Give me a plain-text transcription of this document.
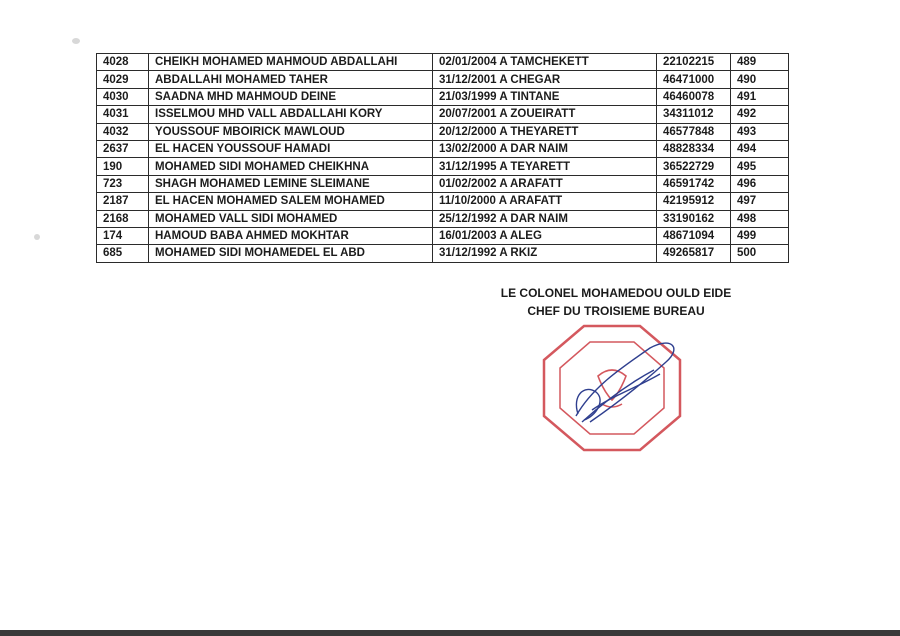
4028	CHEIKH MOHAMED MAHMOUD ABDALLAHI	02/01/2004 A TAMCHEKETT	22102215	489
4029	ABDALLAHI MOHAMED TAHER	31/12/2001 A CHEGAR	46471000	490
4030	SAADNA MHD MAHMOUD DEINE	21/03/1999 A TINTANE	46460078	491
4031	ISSELMOU MHD VALL ABDALLAHI KORY	20/07/2001 A ZOUEIRATT	34311012	492
4032	YOUSSOUF MBOIRICK MAWLOUD	20/12/2000 A THEYARETT	46577848	493
2637	EL HACEN YOUSSOUF HAMADI	13/02/2000 A DAR NAIM	48828334	494
190	MOHAMED SIDI MOHAMED CHEIKHNA	31/12/1995 A TEYARETT	36522729	495
723	SHAGH MOHAMED LEMINE SLEIMANE	01/02/2002 A ARAFATT	46591742	496
2187	EL HACEN MOHAMED SALEM MOHAMED	11/10/2000 A ARAFATT	42195912	497
2168	MOHAMED VALL SIDI MOHAMED	25/12/1992 A DAR NAIM	33190162	498
174	HAMOUD BABA AHMED MOKHTAR	16/01/2003 A ALEG	48671094	499
685	MOHAMED SIDI MOHAMEDEL EL ABD	31/12/1992 A RKIZ	49265817	500
LE COLONEL MOHAMEDOU OULD EIDE
CHEF DU TROISIEME BUREAU
